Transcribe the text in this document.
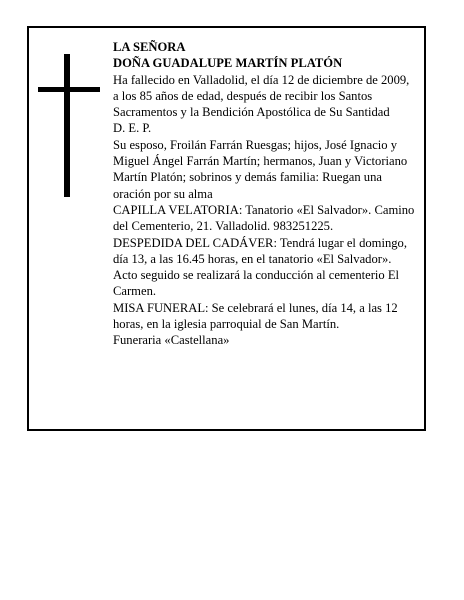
LA SEÑORA

DOÑA GUADALUPE MARTÍN PLATÓN

Ha fallecido en Valladolid, el día 12 de diciembre de 2009, a los 85 años de edad, después de recibir los Santos Sacramentos y la Bendición Apostólica de Su Santidad

D. E. P.

Su esposo, Froilán Farrán Ruesgas; hijos, José Ignacio y Miguel Ángel Farrán Martín; hermanos, Juan y Victoriano Martín Platón; sobrinos y demás familia: Ruegan una oración por su alma

CAPILLA VELATORIA: Tanatorio «El Salvador». Camino del Cementerio, 21. Valladolid. 983251225.

DESPEDIDA DEL CADÁVER: Tendrá lugar el domingo, día 13, a las 16.45 horas, en el tanatorio «El Salvador». Acto seguido se realizará la conducción al cementerio El Carmen.

MISA FUNERAL: Se celebrará el lunes, día 14, a las 12 horas, en la iglesia parroquial de San Martín.

Funeraria «Castellana»
